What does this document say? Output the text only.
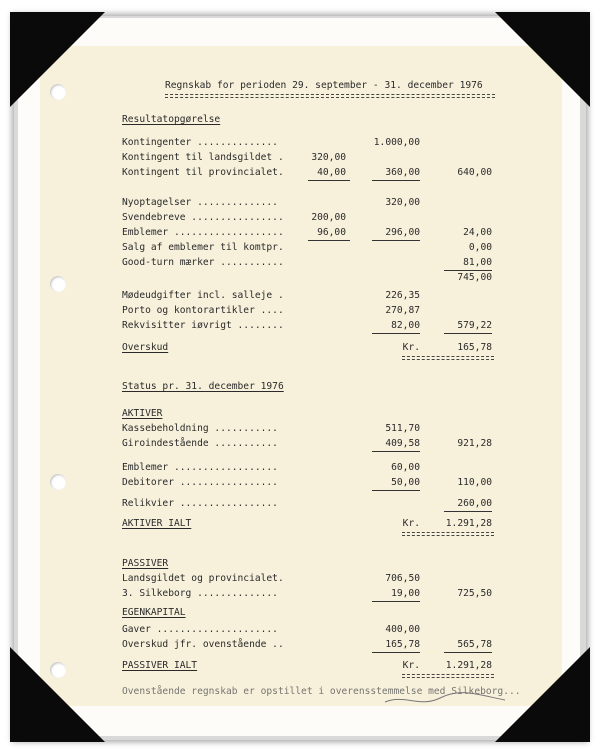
Regnskab for perioden 29. september - 31. december 1976
Resultatopgørelse
Kontingenter ..............	1.000,00
Kontingent til landsgildet .	320,00
Kontingent til provincialet.	40,00	360,00	640,00
Nyoptagelser ..............	320,00
Svendebreve ................	200,00
Emblemer ...................	96,00	296,00	24,00
Salg af emblemer til komtpr.	0,00
Good-turn mærker ...........	81,00
745,00
Mødeudgifter incl. salleje .	226,35
Porto og kontorartikler ....	270,87
Rekvisitter iøvrigt ........	82,00	579,22
Overskud	Kr.	165,78
Status pr. 31. december 1976
AKTIVER
Kassebeholdning ...........	511,70
Giroindestående ...........	409,58	921,28
Emblemer ..................	60,00
Debitorer .................	50,00	110,00
Relikvier .................	260,00
AKTIVER IALT	Kr.	1.291,28
PASSIVER
Landsgildet og provincialet.	706,50
3. Silkeborg ..............	19,00	725,50
EGENKAPITAL
Gaver .....................	400,00
Overskud jfr. ovenstående ..	165,78	565,78
PASSIVER IALT	Kr.	1.291,28
Ovenstående regnskab er opstillet i overensstemmelse med Silkeborg...
